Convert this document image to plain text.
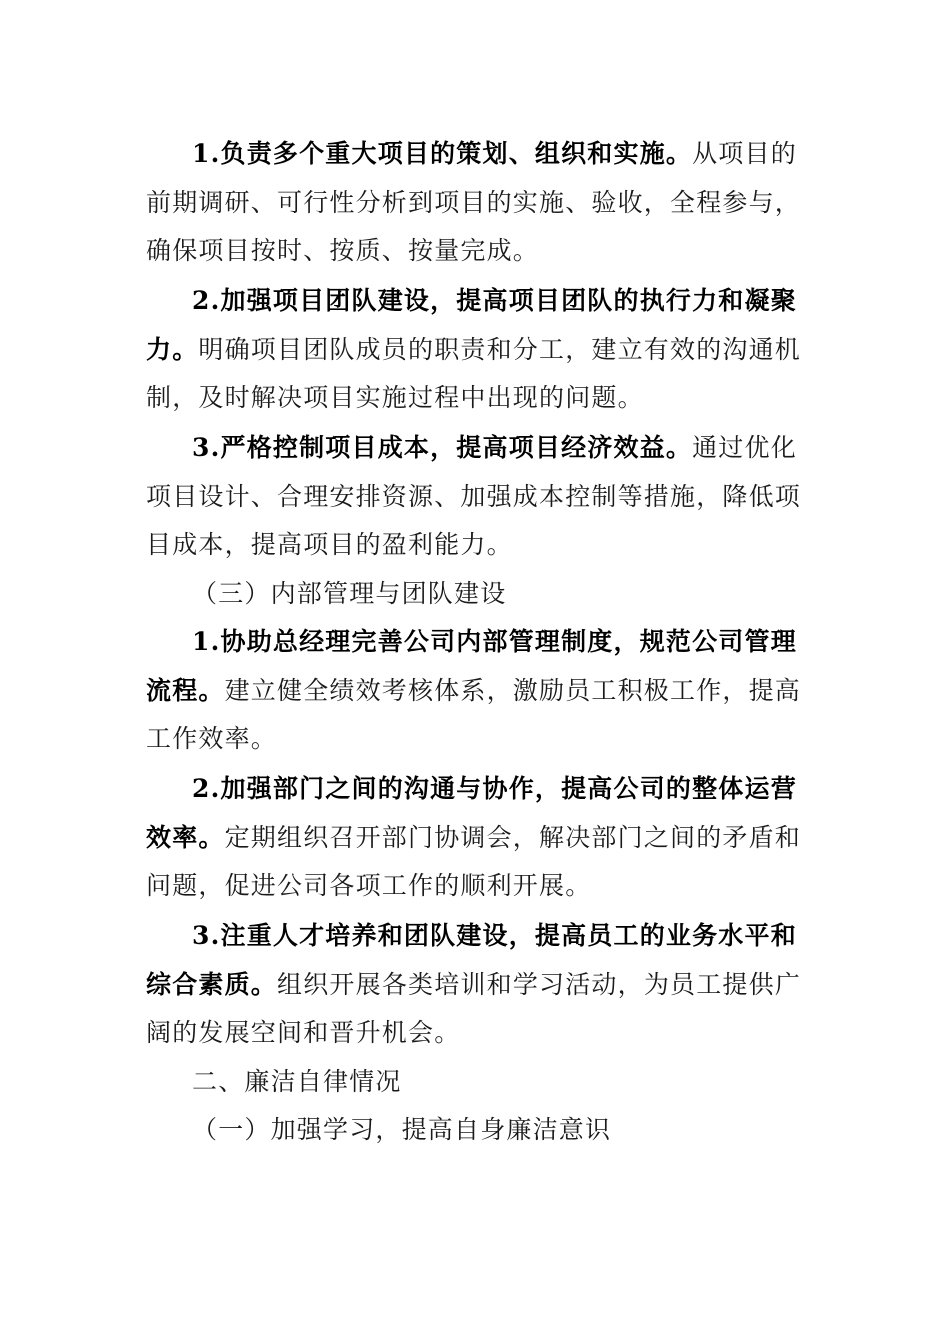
1.负责多个重大项目的策划、组织和实施。从项目的前期调研、可行性分析到项目的实施、验收，全程参与，确保项目按时、按质、按量完成。

2.加强项目团队建设，提高项目团队的执行力和凝聚力。明确项目团队成员的职责和分工，建立有效的沟通机制，及时解决项目实施过程中出现的问题。

3.严格控制项目成本，提高项目经济效益。通过优化项目设计、合理安排资源、加强成本控制等措施，降低项目成本，提高项目的盈利能力。

（三）内部管理与团队建设

1.协助总经理完善公司内部管理制度，规范公司管理流程。建立健全绩效考核体系，激励员工积极工作，提高工作效率。

2.加强部门之间的沟通与协作，提高公司的整体运营效率。定期组织召开部门协调会，解决部门之间的矛盾和问题，促进公司各项工作的顺利开展。

3.注重人才培养和团队建设，提高员工的业务水平和综合素质。组织开展各类培训和学习活动，为员工提供广阔的发展空间和晋升机会。

二、廉洁自律情况

（一）加强学习，提高自身廉洁意识
